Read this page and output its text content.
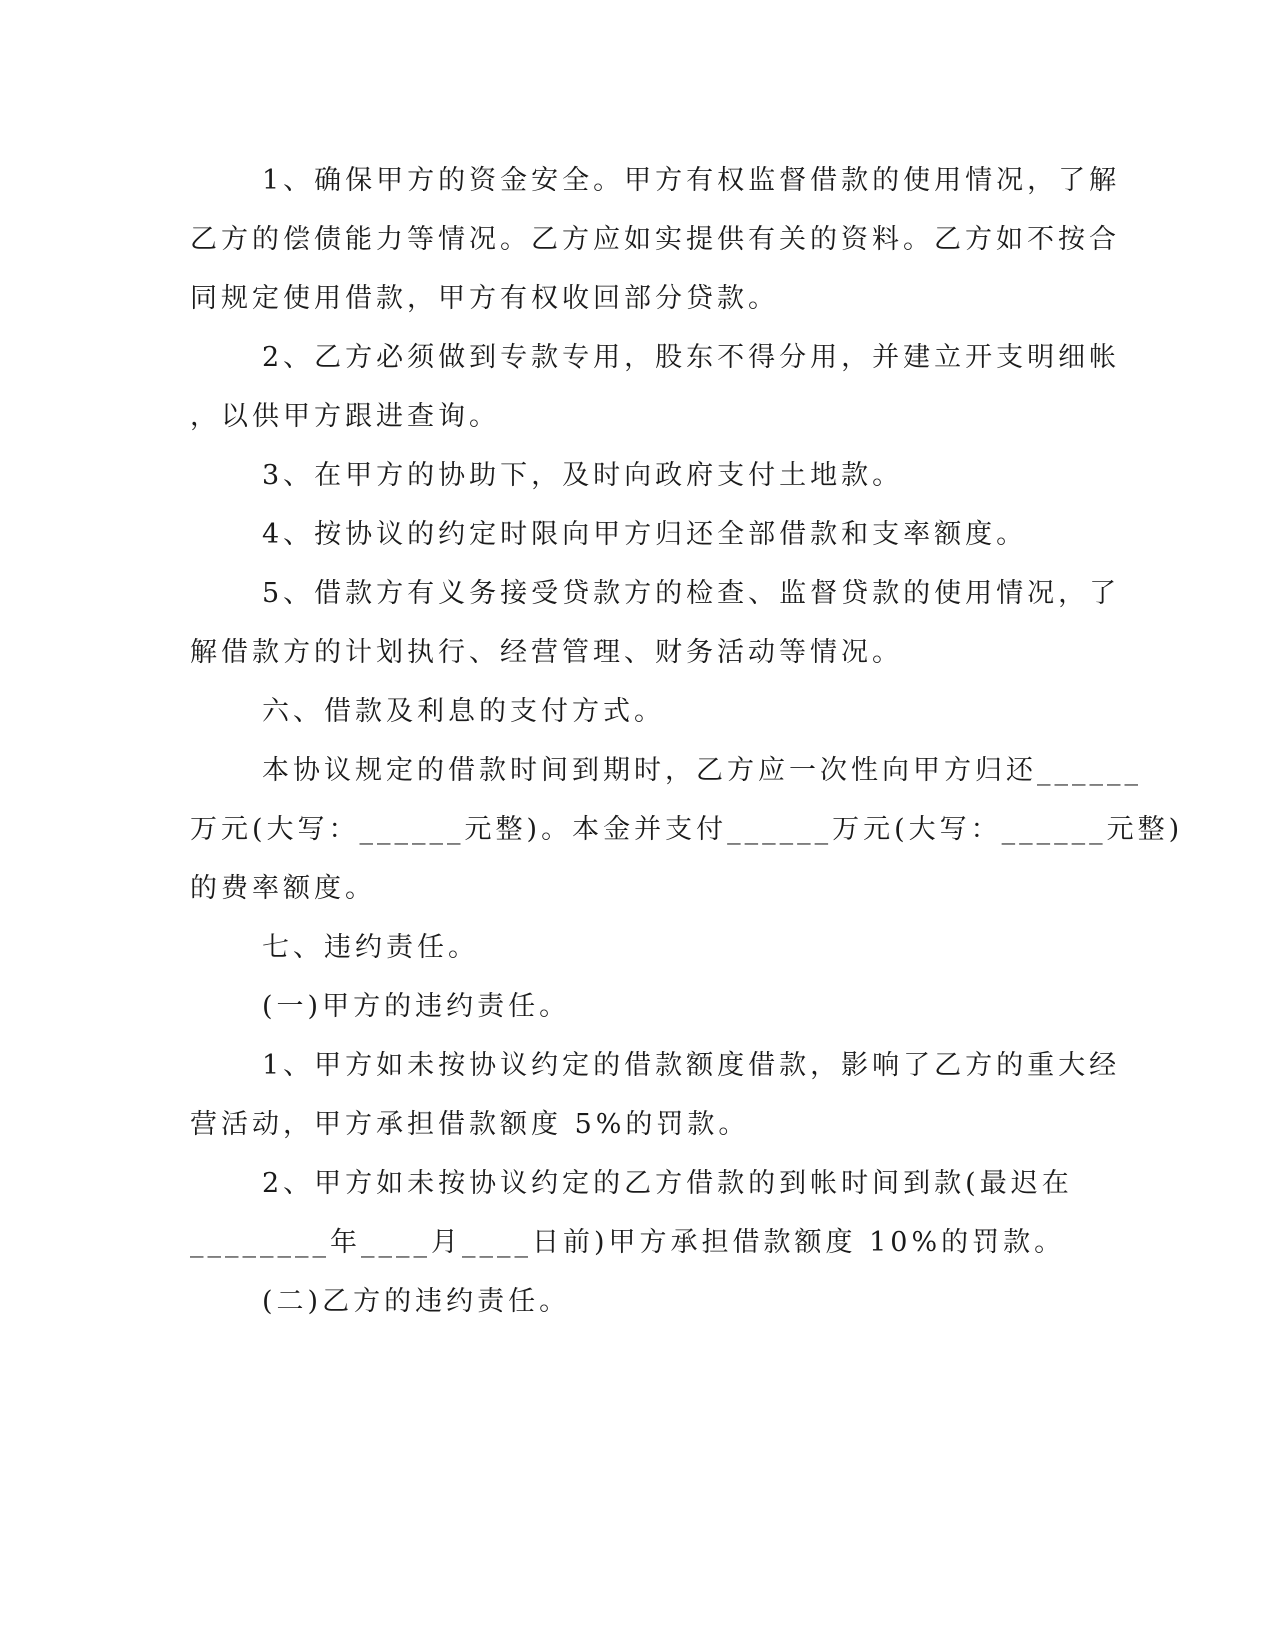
1、确保甲方的资金安全。甲方有权监督借款的使用情况，了解
乙方的偿债能力等情况。乙方应如实提供有关的资料。乙方如不按合
同规定使用借款，甲方有权收回部分贷款。
2、乙方必须做到专款专用，股东不得分用，并建立开支明细帐
，以供甲方跟进查询。
3、在甲方的协助下，及时向政府支付土地款。
4、按协议的约定时限向甲方归还全部借款和支率额度。
5、借款方有义务接受贷款方的检查、监督贷款的使用情况，了
解借款方的计划执行、经营管理、财务活动等情况。
六、借款及利息的支付方式。
本协议规定的借款时间到期时，乙方应一次性向甲方归还______
万元(大写：______元整)。本金并支付______万元(大写：______元整)
的费率额度。
七、违约责任。
(一)甲方的违约责任。
1、甲方如未按协议约定的借款额度借款，影响了乙方的重大经
营活动，甲方承担借款额度 5%的罚款。
2、甲方如未按协议约定的乙方借款的到帐时间到款(最迟在
________年____月____日前)甲方承担借款额度 10%的罚款。
(二)乙方的违约责任。
